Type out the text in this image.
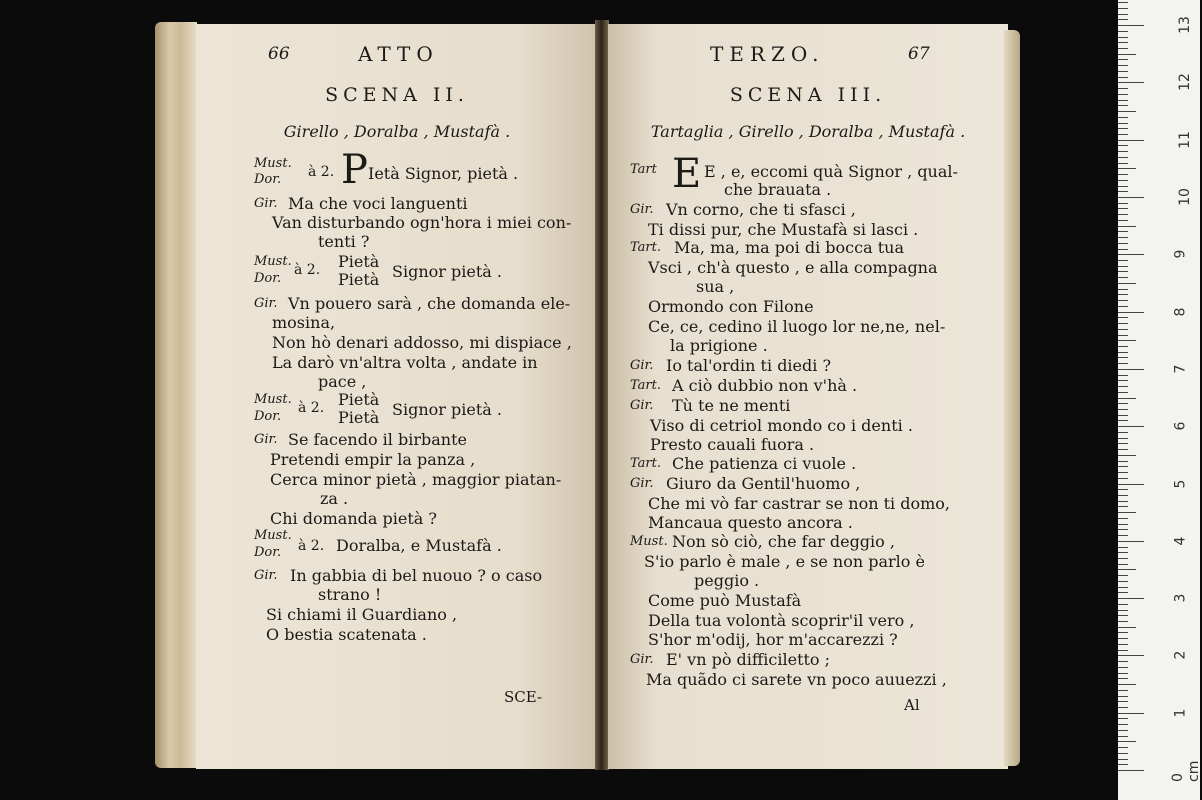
66	ATTO
SCENA II.
Girello , Doralba , Mustafà .
Must.
Dor. à 2. P Ietà Signor, pietà .
Gir. Ma che voci languenti
Van disturbando ogn'hora i miei con-
tenti ?
Must.
Dor.
à 2. Pietà
Pietà Signor pietà .
Gir. Vn pouero sarà , che domanda ele-
mosina,
Non hò denari addosso, mi dispiace ,
La darò vn'altra volta , andate in
pace ,
Must.
Dor.
à 2. Pietà
Pietà Signor pietà .
Gir. Se facendo il birbante
Pretendi empir la panza ,
Cerca minor pietà , maggior piatan-
za .
Chi domanda pietà ?
Must.
Dor. à 2. Doralba, e Mustafà .
Gir. In gabbia di bel nuouo ? o caso
strano !
Si chiami il Guardiano ,
O bestia scatenata .
SCE-
TERZO.	67
SCENA III.
Tartaglia , Girello , Doralba , Mustafà .
Tart E E , e, eccomi quà Signor , qual-
che brauata .
Gir. Vn corno, che ti sfasci ,
Ti dissi pur, che Mustafà si lasci .
Tart. Ma, ma, ma poi di bocca tua
Vsci , ch'à questo , e alla compagna
sua ,
Ormondo con Filone
Ce, ce, cedino il luogo lor ne,ne, nel-
la prigione .
Gir. Io tal'ordin ti diedi ?
Tart. A ciò dubbio non v'hà .
Gir. Tù te ne menti
Viso di cetriol mondo co i denti .
Presto cauali fuora .
Tart. Che patienza ci vuole .
Gir. Giuro da Gentil'huomo ,
Che mi vò far castrar se non ti domo,
Mancaua questo ancora .
Must. Non sò ciò, che far deggio ,
S'io parlo è male , e se non parlo è
peggio .
Come può Mustafà
Della tua volontà scoprir'il vero ,
S'hor m'odij, hor m'accarezzi ?
Gir. E' vn pò difficiletto ;
Ma quãdo ci sarete vn poco auuezzi ,
Al
0 cm
1
2
3
4
5
6
7
8
9
10
11
12
13
